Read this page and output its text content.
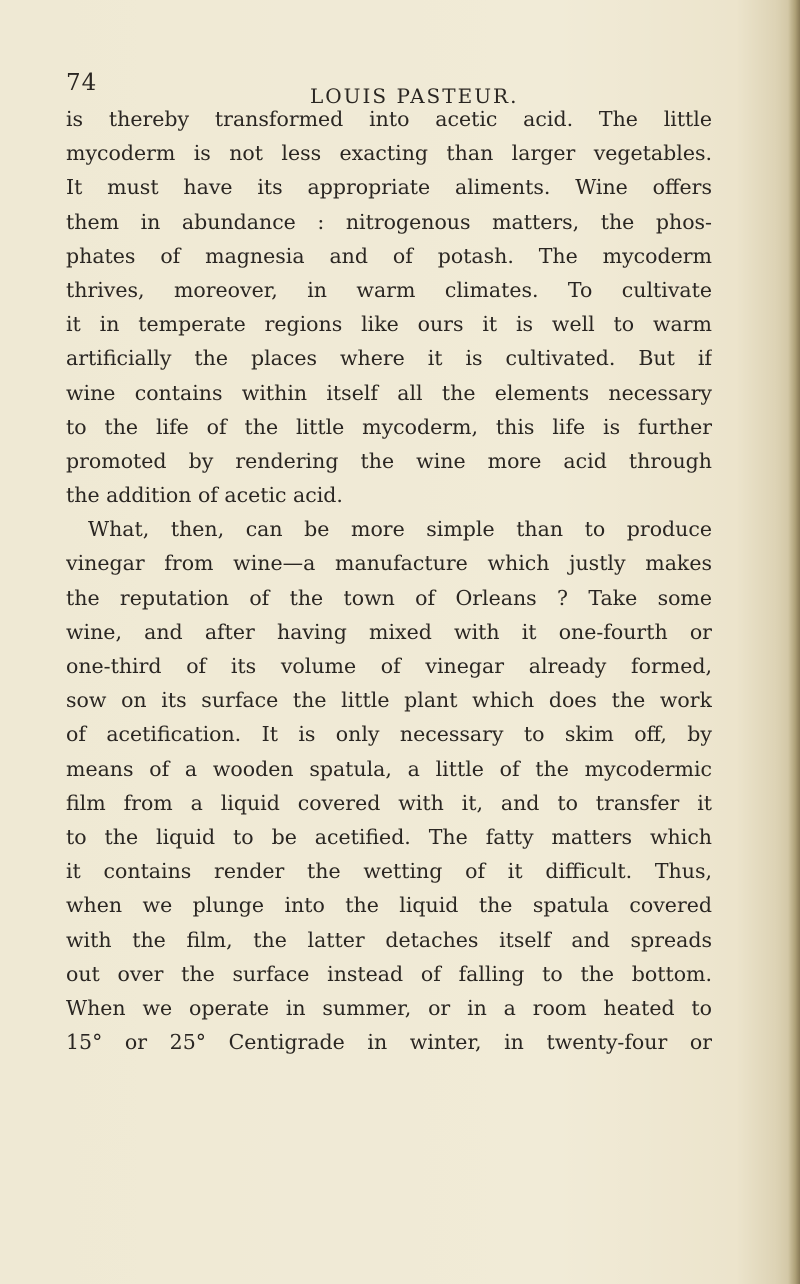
74	LOUIS PASTEUR.
is thereby transformed into acetic acid. The little
mycoderm is not less exacting than larger vegetables.
It must have its appropriate aliments. Wine offers
them in abundance : nitrogenous matters, the phos-
phates of magnesia and of potash. The mycoderm
thrives, moreover, in warm climates. To cultivate
it in temperate regions like ours it is well to warm
artificially the places where it is cultivated. But if
wine contains within itself all the elements necessary
to the life of the little mycoderm, this life is further
promoted by rendering the wine more acid through
the addition of acetic acid.
What, then, can be more simple than to produce
vinegar from wine—a manufacture which justly makes
the reputation of the town of Orleans ? Take some
wine, and after having mixed with it one-fourth or
one-third of its volume of vinegar already formed,
sow on its surface the little plant which does the work
of acetification. It is only necessary to skim off, by
means of a wooden spatula, a little of the mycodermic
film from a liquid covered with it, and to transfer it
to the liquid to be acetified. The fatty matters which
it contains render the wetting of it difficult. Thus,
when we plunge into the liquid the spatula covered
with the film, the latter detaches itself and spreads
out over the surface instead of falling to the bottom.
When we operate in summer, or in a room heated to
15° or 25° Centigrade in winter, in twenty-four or
